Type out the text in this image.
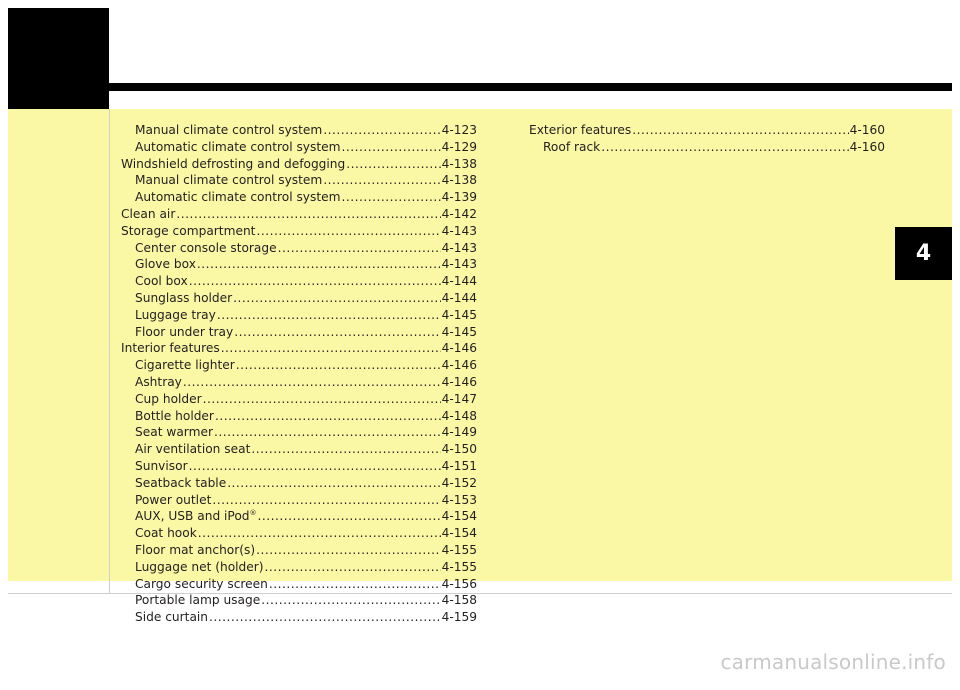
4
Manual climate control system .....	4-123
Automatic climate control system .....	4-129
Windshield defrosting and defogging .....	4-138
Manual climate control system .....	4-138
Automatic climate control system .....	4-139
Clean air .....	4-142
Storage compartment .....	4-143
Center console storage .....	4-143
Glove box .....	4-143
Cool box .....	4-144
Sunglass holder .....	4-144
Luggage tray .....	4-145
Floor under tray .....	4-145
Interior features .....	4-146
Cigarette lighter .....	4-146
Ashtray .....	4-146
Cup holder .....	4-147
Bottle holder .....	4-148
Seat warmer .....	4-149
Air ventilation seat .....	4-150
Sunvisor .....	4-151
Seatback table .....	4-152
Power outlet .....	4-153
AUX, USB and iPod® .....	4-154
Coat hook .....	4-154
Floor mat anchor(s) .....	4-155
Luggage net (holder) .....	4-155
Cargo security screen .....	4-156
Portable lamp usage .....	4-158
Side curtain .....	4-159
Exterior features .....	4-160
Roof rack .....	4-160
carmanualsonline.info
